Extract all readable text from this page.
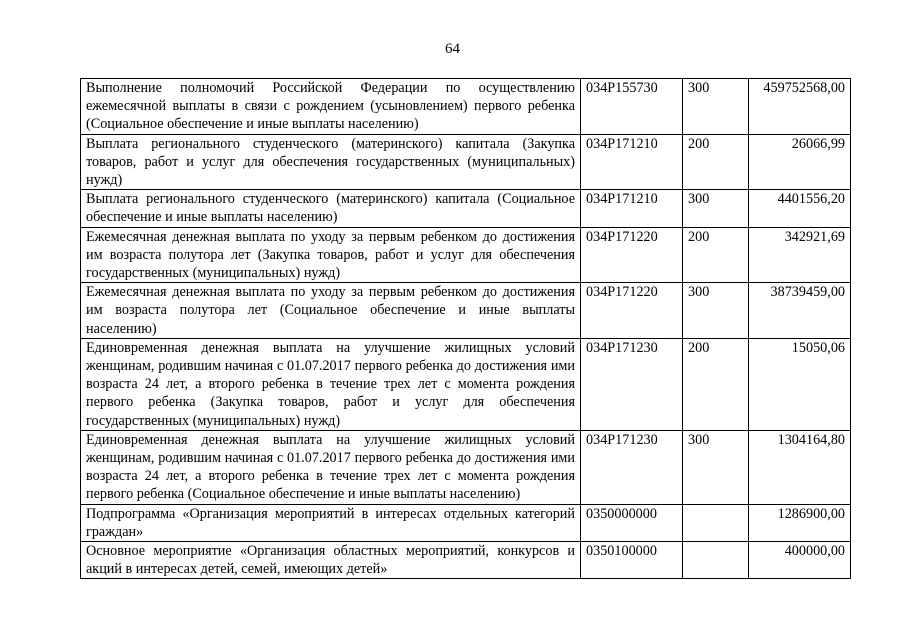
64
Выполнение полномочий Российской Федерации по осуществлению ежемесячной выплаты в связи с рождением (усыновлением) первого ребенка (Социальное обеспечение и иные выплаты населению)	034P155730	300	459752568,00
Выплата регионального студенческого (материнского) капитала (Закупка товаров, работ и услуг для обеспечения государственных (муниципальных) нужд)	034P171210	200	26066,99
Выплата регионального студенческого (материнского) капитала (Социальное обеспечение и иные выплаты населению)	034P171210	300	4401556,20
Ежемесячная денежная выплата по уходу за первым ребенком до достижения им возраста полутора лет (Закупка товаров, работ и услуг для обеспечения государственных (муниципальных) нужд)	034P171220	200	342921,69
Ежемесячная денежная выплата по уходу за первым ребенком до достижения им возраста полутора лет (Социальное обеспечение и иные выплаты населению)	034P171220	300	38739459,00
Единовременная денежная выплата на улучшение жилищных условий женщинам, родившим начиная с 01.07.2017 первого ребенка до достижения ими возраста 24 лет, а второго ребенка в течение трех лет с момента рождения первого ребенка (Закупка товаров, работ и услуг для обеспечения государственных (муниципальных) нужд)	034P171230	200	15050,06
Единовременная денежная выплата на улучшение жилищных условий женщинам, родившим начиная с 01.07.2017 первого ребенка до достижения ими возраста 24 лет, а второго ребенка в течение трех лет с момента рождения первого ребенка (Социальное обеспечение и иные выплаты населению)	034P171230	300	1304164,80
Подпрограмма «Организация мероприятий в интересах отдельных категорий граждан»	0350000000		1286900,00
Основное мероприятие «Организация областных мероприятий, конкурсов и акций в интересах детей, семей, имеющих детей»	0350100000		400000,00
